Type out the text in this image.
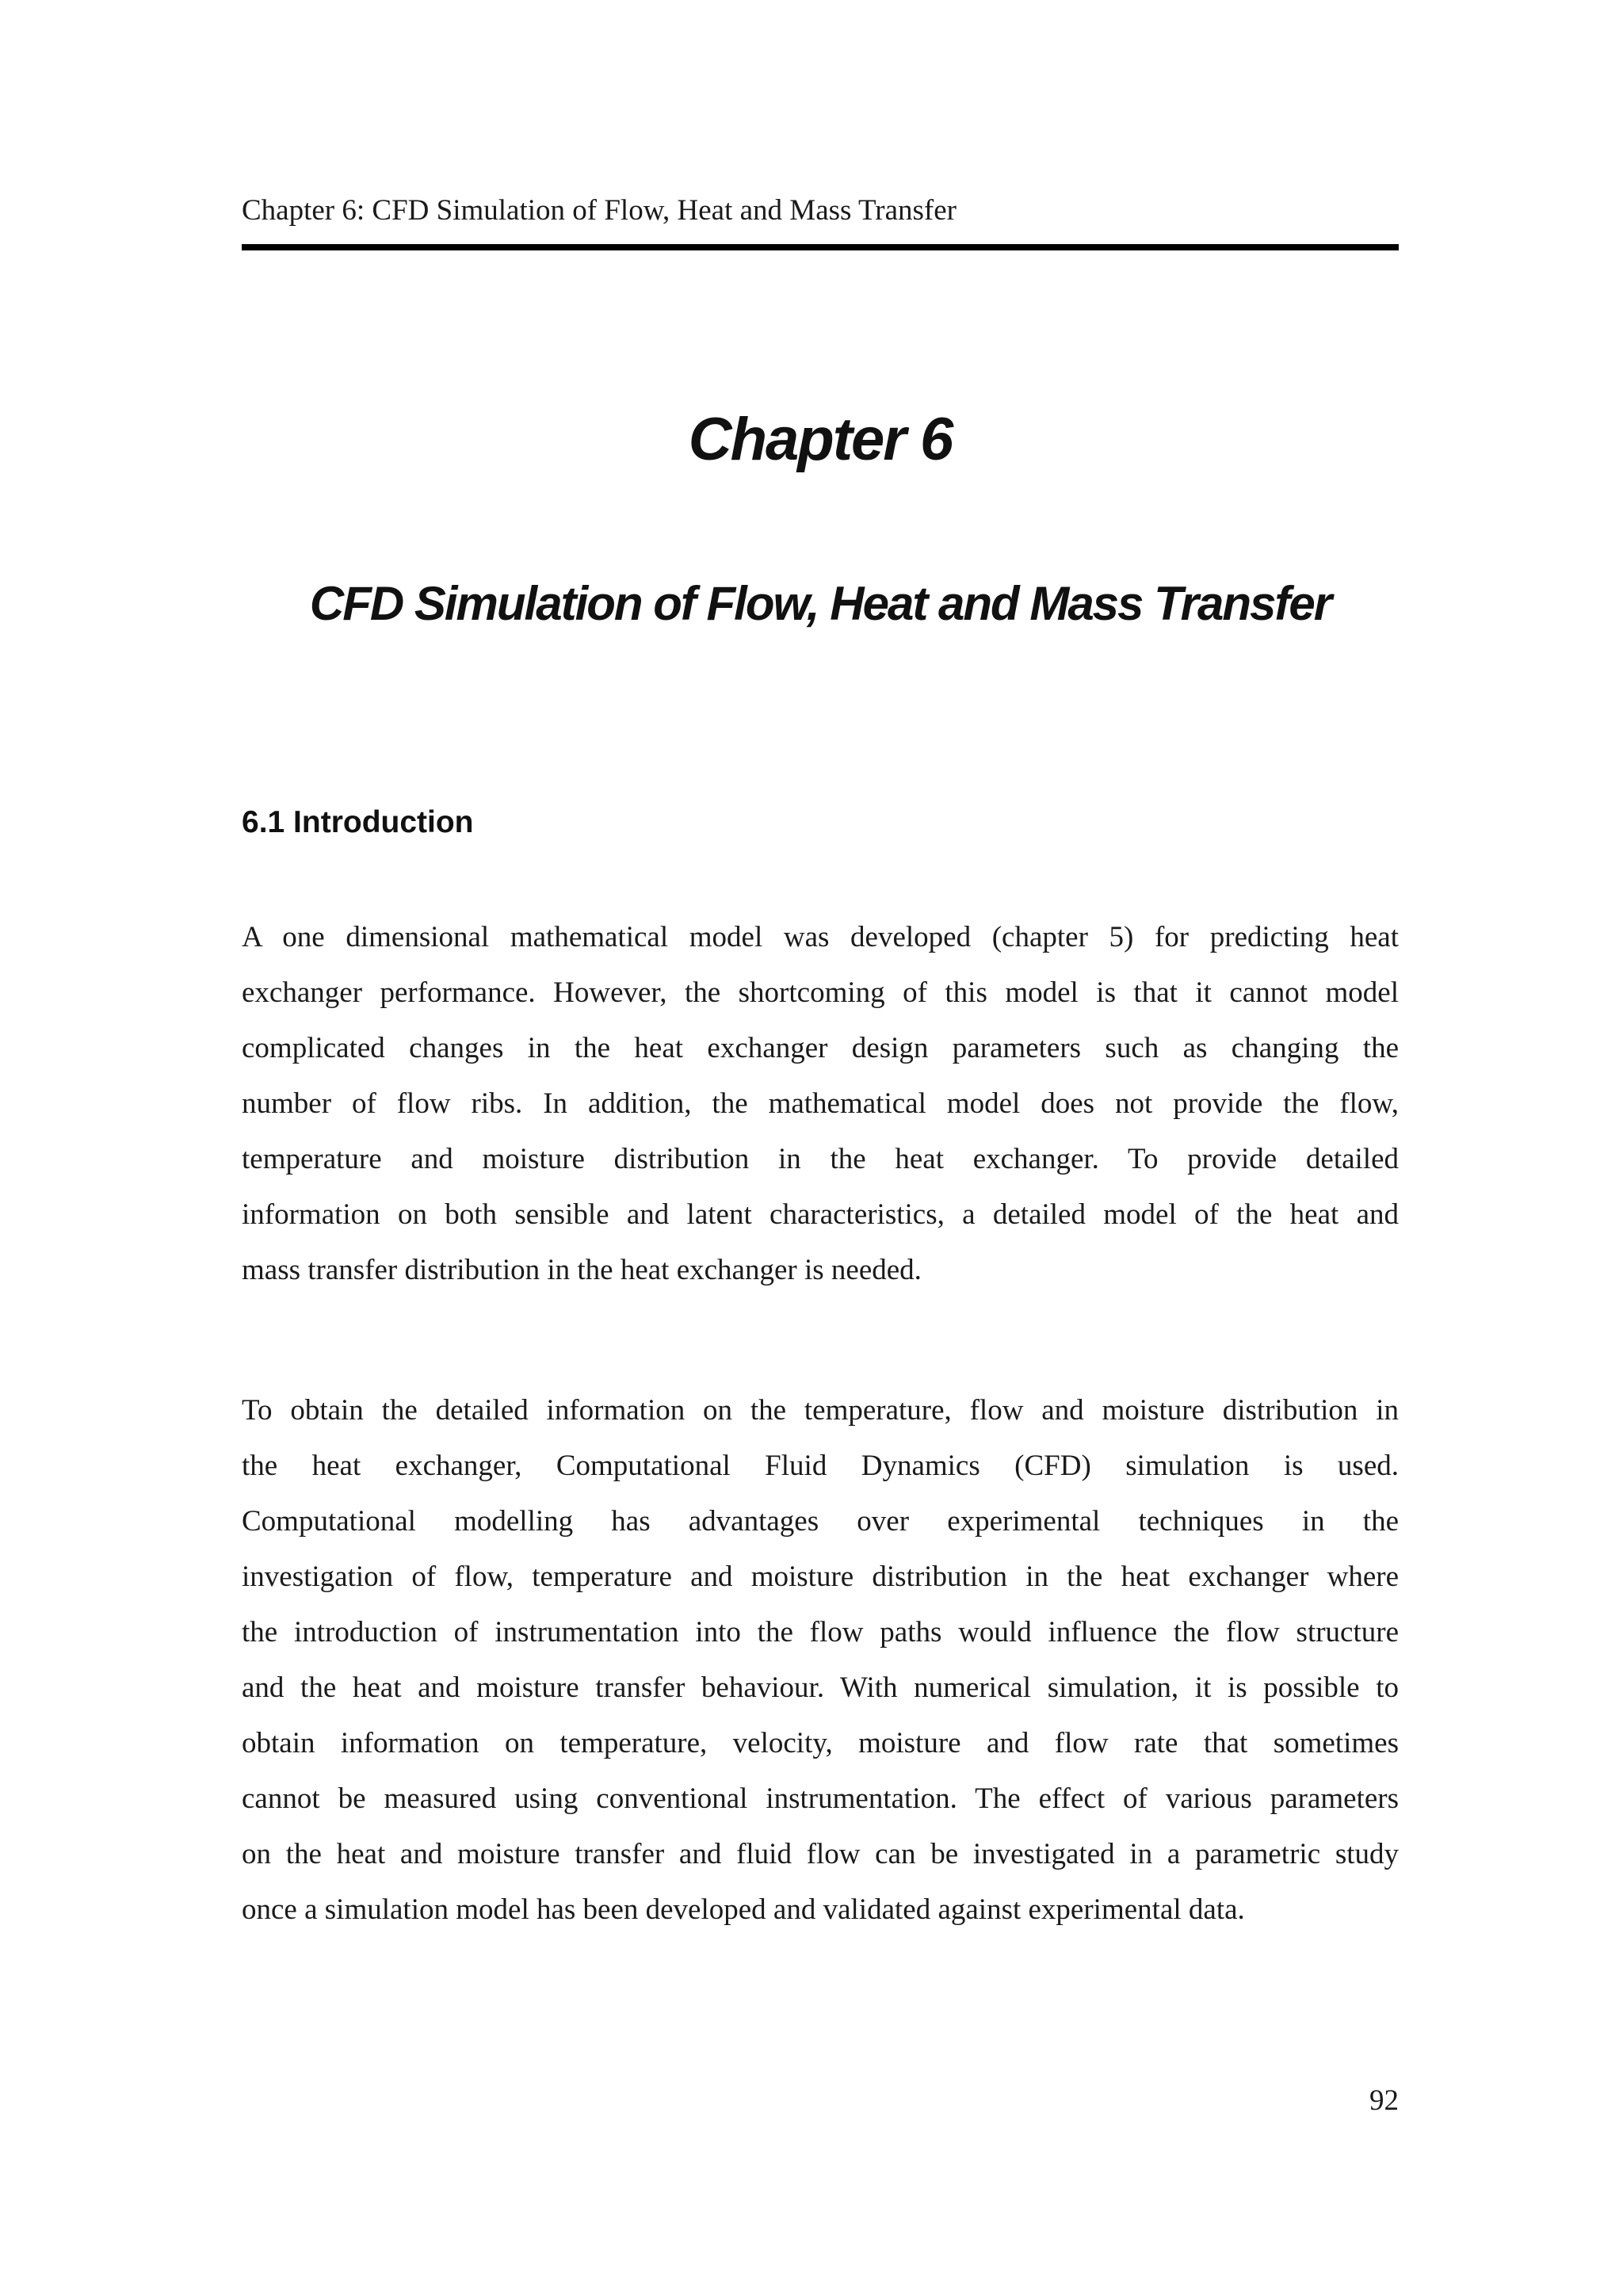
Chapter 6: CFD Simulation of Flow, Heat and Mass Transfer
Chapter 6
CFD Simulation of Flow, Heat and Mass Transfer
6.1 Introduction

A one dimensional mathematical model was developed (chapter 5) for predicting heat
exchanger performance. However, the shortcoming of this model is that it cannot model
complicated changes in the heat exchanger design parameters such as changing the
number of flow ribs. In addition, the mathematical model does not provide the flow,
temperature and moisture distribution in the heat exchanger. To provide detailed
information on both sensible and latent characteristics, a detailed model of the heat and
mass transfer distribution in the heat exchanger is needed.

To obtain the detailed information on the temperature, flow and moisture distribution in
the heat exchanger, Computational Fluid Dynamics (CFD) simulation is used.
Computational modelling has advantages over experimental techniques in the
investigation of flow, temperature and moisture distribution in the heat exchanger where
the introduction of instrumentation into the flow paths would influence the flow structure
and the heat and moisture transfer behaviour. With numerical simulation, it is possible to
obtain information on temperature, velocity, moisture and flow rate that sometimes
cannot be measured using conventional instrumentation. The effect of various parameters
on the heat and moisture transfer and fluid flow can be investigated in a parametric study
once a simulation model has been developed and validated against experimental data.

92
